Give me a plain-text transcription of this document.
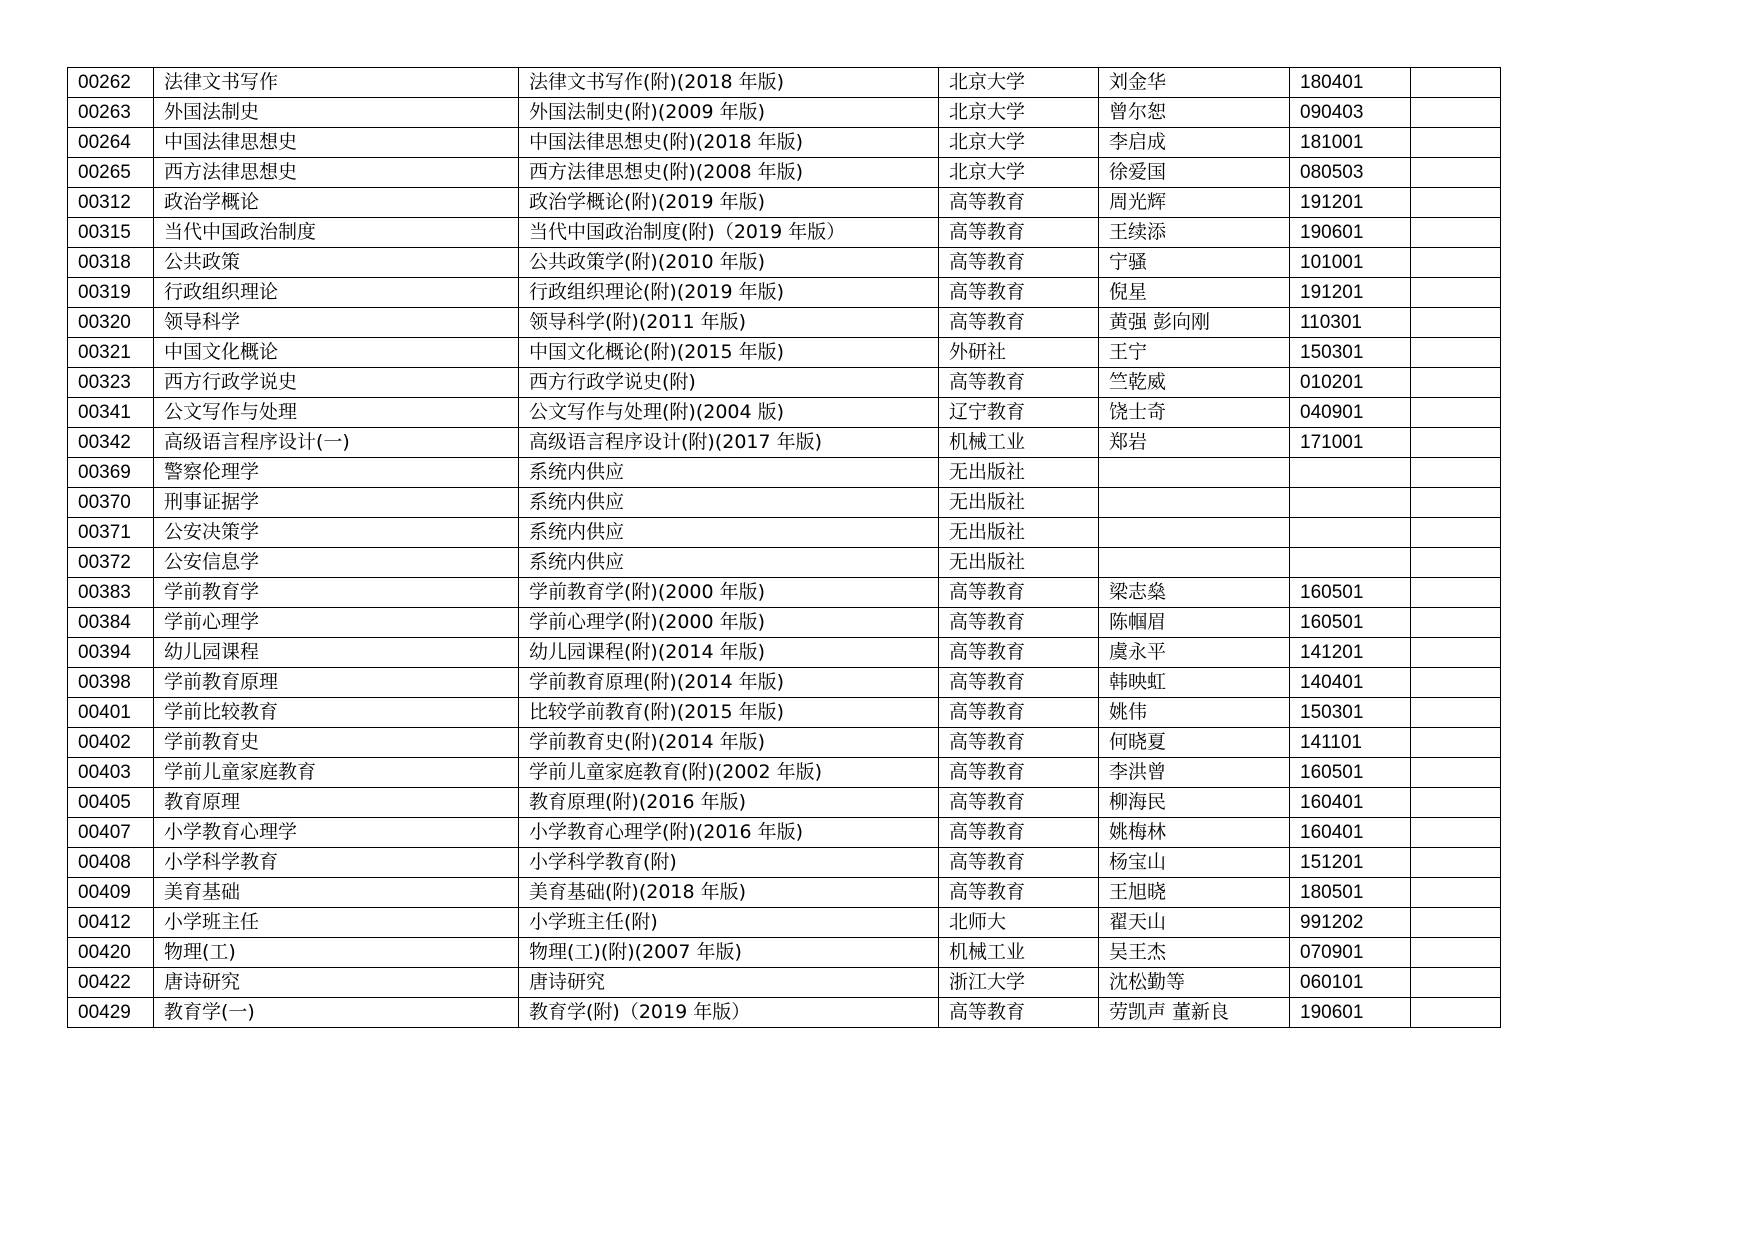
00262	法律文书写作	法律文书写作(附)(2018 年版)	北京大学	刘金华	180401	
00263	外国法制史	外国法制史(附)(2009 年版)	北京大学	曾尔恕	090403	
00264	中国法律思想史	中国法律思想史(附)(2018 年版)	北京大学	李启成	181001	
00265	西方法律思想史	西方法律思想史(附)(2008 年版)	北京大学	徐爱国	080503	
00312	政治学概论	政治学概论(附)(2019 年版)	高等教育	周光辉	191201	
00315	当代中国政治制度	当代中国政治制度(附)（2019 年版）	高等教育	王续添	190601	
00318	公共政策	公共政策学(附)(2010 年版)	高等教育	宁骚	101001	
00319	行政组织理论	行政组织理论(附)(2019 年版)	高等教育	倪星	191201	
00320	领导科学	领导科学(附)(2011 年版)	高等教育	黄强 彭向刚	110301	
00321	中国文化概论	中国文化概论(附)(2015 年版)	外研社	王宁	150301	
00323	西方行政学说史	西方行政学说史(附)	高等教育	竺乾威	010201	
00341	公文写作与处理	公文写作与处理(附)(2004 版)	辽宁教育	饶士奇	040901	
00342	高级语言程序设计(一)	高级语言程序设计(附)(2017 年版)	机械工业	郑岩	171001	
00369	警察伦理学	系统内供应	无出版社			
00370	刑事证据学	系统内供应	无出版社			
00371	公安决策学	系统内供应	无出版社			
00372	公安信息学	系统内供应	无出版社			
00383	学前教育学	学前教育学(附)(2000 年版)	高等教育	梁志燊	160501	
00384	学前心理学	学前心理学(附)(2000 年版)	高等教育	陈帼眉	160501	
00394	幼儿园课程	幼儿园课程(附)(2014 年版)	高等教育	虞永平	141201	
00398	学前教育原理	学前教育原理(附)(2014 年版)	高等教育	韩映虹	140401	
00401	学前比较教育	比较学前教育(附)(2015 年版)	高等教育	姚伟	150301	
00402	学前教育史	学前教育史(附)(2014 年版)	高等教育	何晓夏	141101	
00403	学前儿童家庭教育	学前儿童家庭教育(附)(2002 年版)	高等教育	李洪曾	160501	
00405	教育原理	教育原理(附)(2016 年版)	高等教育	柳海民	160401	
00407	小学教育心理学	小学教育心理学(附)(2016 年版)	高等教育	姚梅林	160401	
00408	小学科学教育	小学科学教育(附)	高等教育	杨宝山	151201	
00409	美育基础	美育基础(附)(2018 年版)	高等教育	王旭晓	180501	
00412	小学班主任	小学班主任(附)	北师大	翟天山	991202	
00420	物理(工)	物理(工)(附)(2007 年版)	机械工业	吴王杰	070901	
00422	唐诗研究	唐诗研究	浙江大学	沈松勤等	060101	
00429	教育学(一)	教育学(附)（2019 年版）	高等教育	劳凯声 董新良	190601	
